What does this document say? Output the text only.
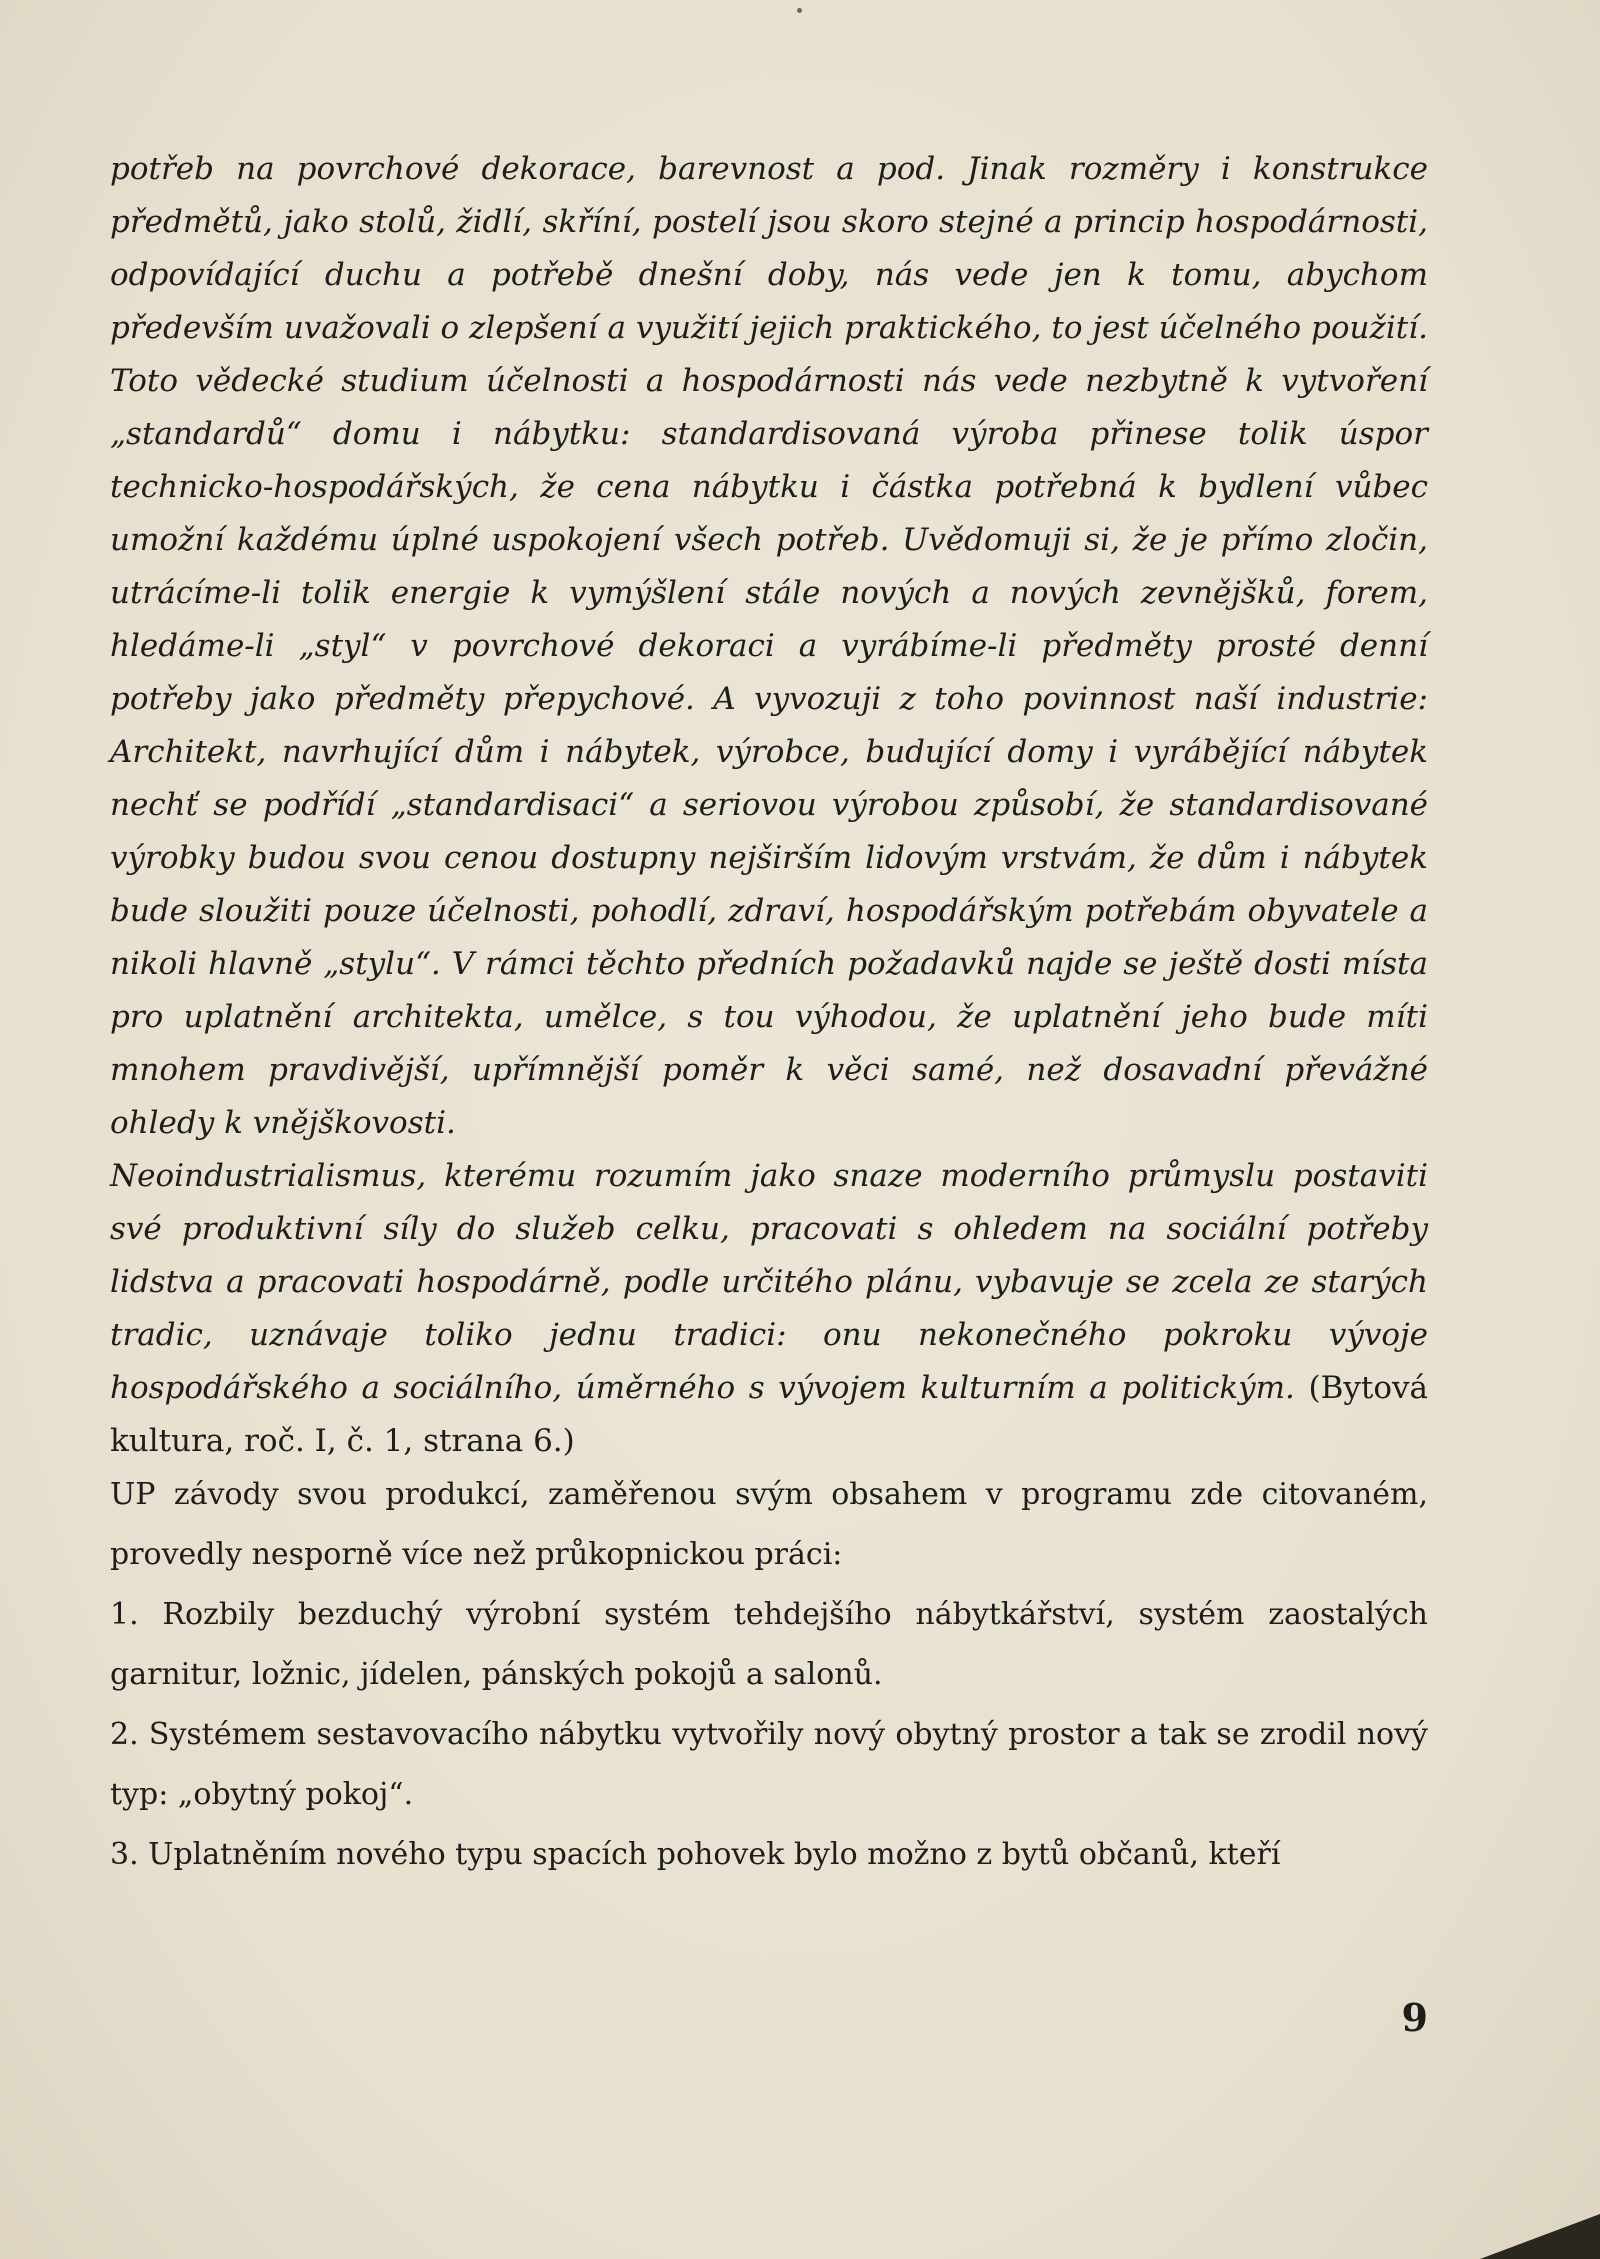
potřeb na povrchové dekorace, barevnost a pod. Jinak rozměry i konstrukce předmětů, jako stolů, židlí, skříní, postelí jsou skoro stejné a princip hospodárnosti, odpovídající duchu a potřebě dnešní doby, nás vede jen k tomu, abychom především uvažovali o zlepšení a využití jejich praktického, to jest účelného použití. Toto vědecké studium účelnosti a hospodárnosti nás vede nezbytně k vytvoření „standardů“ domu i nábytku: standardisovaná výroba přinese tolik úspor technicko-hospodářských, že cena nábytku i částka potřebná k bydlení vůbec umožní každému úplné uspokojení všech potřeb. Uvědomuji si, že je přímo zločin, utrácíme-li tolik energie k vymýšlení stále nových a nových zevnějšků, forem, hledáme-li „styl“ v povrchové dekoraci a vyrábíme-li předměty prosté denní potřeby jako předměty přepychové. A vyvozuji z toho povinnost naší industrie: Architekt, navrhující dům i nábytek, výrobce, budující domy i vyrábějící nábytek nechť se podřídí „standardisaci“ a seriovou výrobou způsobí, že standardisované výrobky budou svou cenou dostupny nejširším lidovým vrstvám, že dům i nábytek bude sloužiti pouze účelnosti, pohodlí, zdraví, hospodářským potřebám obyvatele a nikoli hlavně „stylu“. V rámci těchto předních požadavků najde se ještě dosti místa pro uplatnění architekta, umělce, s tou výhodou, že uplatnění jeho bude míti mnohem pravdivější, upřímnější poměr k věci samé, než dosavadní převážné ohledy k vnějškovosti.

Neoindustrialismus, kterému rozumím jako snaze moderního průmyslu postaviti své produktivní síly do služeb celku, pracovati s ohledem na sociální potřeby lidstva a pracovati hospodárně, podle určitého plánu, vybavuje se zcela ze starých tradic, uznávaje toliko jednu tradici: onu nekonečného pokroku vývoje hospodářského a sociálního, úměrného s vývojem kulturním a politickým. (Bytová kultura, roč. I, č. 1, strana 6.)

UP závody svou produkcí, zaměřenou svým obsahem v programu zde citovaném, provedly nesporně více než průkopnickou práci:

1. Rozbily bezduchý výrobní systém tehdejšího nábytkářství, systém zaostalých garnitur, ložnic, jídelen, pánských pokojů a salonů.

2. Systémem sestavovacího nábytku vytvořily nový obytný prostor a tak se zrodil nový typ: „obytný pokoj“.

3. Uplatněním nového typu spacích pohovek bylo možno z bytů občanů, kteří

9
